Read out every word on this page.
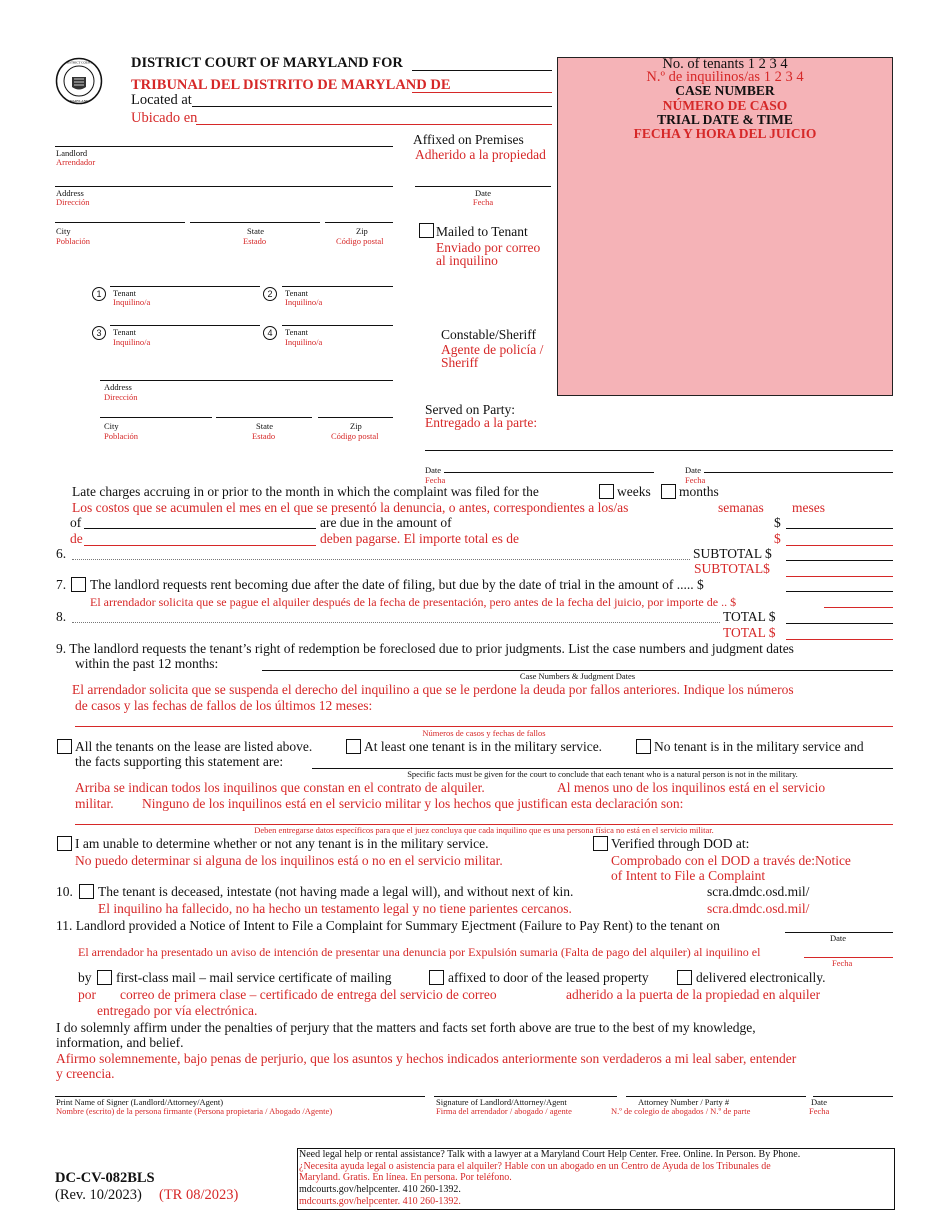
DISTRICT COURT
MARYLAND
DISTRICT COURT OF MARYLAND FOR
TRIBUNAL DEL DISTRITO DE MARYLAND DE
Located at
Ubicado en
No. of tenants 1 2 3 4
N.º de inquilinos/as 1 2 3 4
CASE NUMBER
NÚMERO DE CASO
TRIAL DATE & TIME
FECHA Y HORA DEL JUICIO
Landlord
Arrendador
Address
Dirección
City
Población
State
Estado
Zip
Código postal
1	Tenant
Inquilino/a
2	Tenant
Inquilino/a
3	Tenant
Inquilino/a
4	Tenant
Inquilino/a
Address
Dirección
City
Población
State
Estado
Zip
Código postal
Affixed on Premises
Adherido a la propiedad
Date
Fecha
Mailed to Tenant
Enviado por correo
al inquilino
Constable/Sheriff
Agente de policía /
Sheriff
Served on Party:
Entregado a la parte:
Date
Fecha
Date
Fecha
Late charges accruing in or prior to the month in which the complaint was filed for the	weeks months
Los costos que se acumulen el mes en el que se presentó la denuncia, o antes, correspondientes a los/as	semanas meses
of	are due in the amount of	$
de	deben pagarse. El importe total es de	$
6.	SUBTOTAL $
SUBTOTAL$
7. The landlord requests rent becoming due after the date of filing, but due by the date of trial in the amount of ..... $
El arrendador solicita que se pague el alquiler después de la fecha de presentación, pero antes de la fecha del juicio, por importe de .. $
8.	TOTAL $
TOTAL $
9. The landlord requests the tenant’s right of redemption be foreclosed due to prior judgments. List the case numbers and judgment dates
within the past 12 months:
Case Numbers & Judgment Dates
El arrendador solicita que se suspenda el derecho del inquilino a que se le perdone la deuda por fallos anteriores. Indique los números
de casos y las fechas de fallos de los últimos 12 meses:
Números de casos y fechas de fallos
All the tenants on the lease are listed above.	At least one tenant is in the military service.	No tenant is in the military service and
the facts supporting this statement are:
Specific facts must be given for the court to conclude that each tenant who is a natural person is not in the military.
Arriba se indican todos los inquilinos que constan en el contrato de alquiler.	Al menos uno de los inquilinos está en el servicio
militar. Ninguno de los inquilinos está en el servicio militar y los hechos que justifican esta declaración son:
Deben entregarse datos específicos para que el juez concluya que cada inquilino que es una persona física no está en el servicio militar.
I am unable to determine whether or not any tenant is in the military service.
No puedo determinar si alguna de los inquilinos está o no en el servicio militar.
Verified through DOD at:
Comprobado con el DOD a través de:Notice
of Intent to File a Complaint
10. The tenant is deceased, intestate (not having made a legal will), and without next of kin.	scra.dmdc.osd.mil/
El inquilino ha fallecido, no ha hecho un testamento legal y no tiene parientes cercanos.	scra.dmdc.osd.mil/
11. Landlord provided a Notice of Intent to File a Complaint for Summary Ejectment (Failure to Pay Rent) to the tenant on
Date
El arrendador ha presentado un aviso de intención de presentar una denuncia por Expulsión sumaria (Falta de pago del alquiler) al inquilino el
Fecha
by first-class mail – mail service certificate of mailing	affixed to door of the leased property	delivered electronically.
por correo de primera clase – certificado de entrega del servicio de correo	adherido a la puerta de la propiedad en alquiler
entregado por vía electrónica.
I do solemnly affirm under the penalties of perjury that the matters and facts set forth above are true to the best of my knowledge,
information, and belief.
Afirmo solemnemente, bajo penas de perjurio, que los asuntos y hechos indicados anteriormente son verdaderos a mi leal saber, entender
y creencia.
Print Name of Signer (Landlord/Attorney/Agent)
Nombre (escrito) de la persona firmante (Persona propietaria / Abogado /Agente)
Signature of Landlord/Attorney/Agent
Firma del arrendador / abogado / agente
Attorney Number / Party #
N.º de colegio de abogados / N.º de parte
Date
Fecha
DC-CV-082BLS
(Rev. 10/2023) (TR 08/2023)
Need legal help or rental assistance? Talk with a lawyer at a Maryland Court Help Center. Free. Online. In Person. By Phone.
¿Necesita ayuda legal o asistencia para el alquiler? Hable con un abogado en un Centro de Ayuda de los Tribunales de
Maryland. Gratis. En línea. En persona. Por teléfono.
mdcourts.gov/helpcenter. 410 260-1392.
mdcourts.gov/helpcenter. 410 260-1392.
